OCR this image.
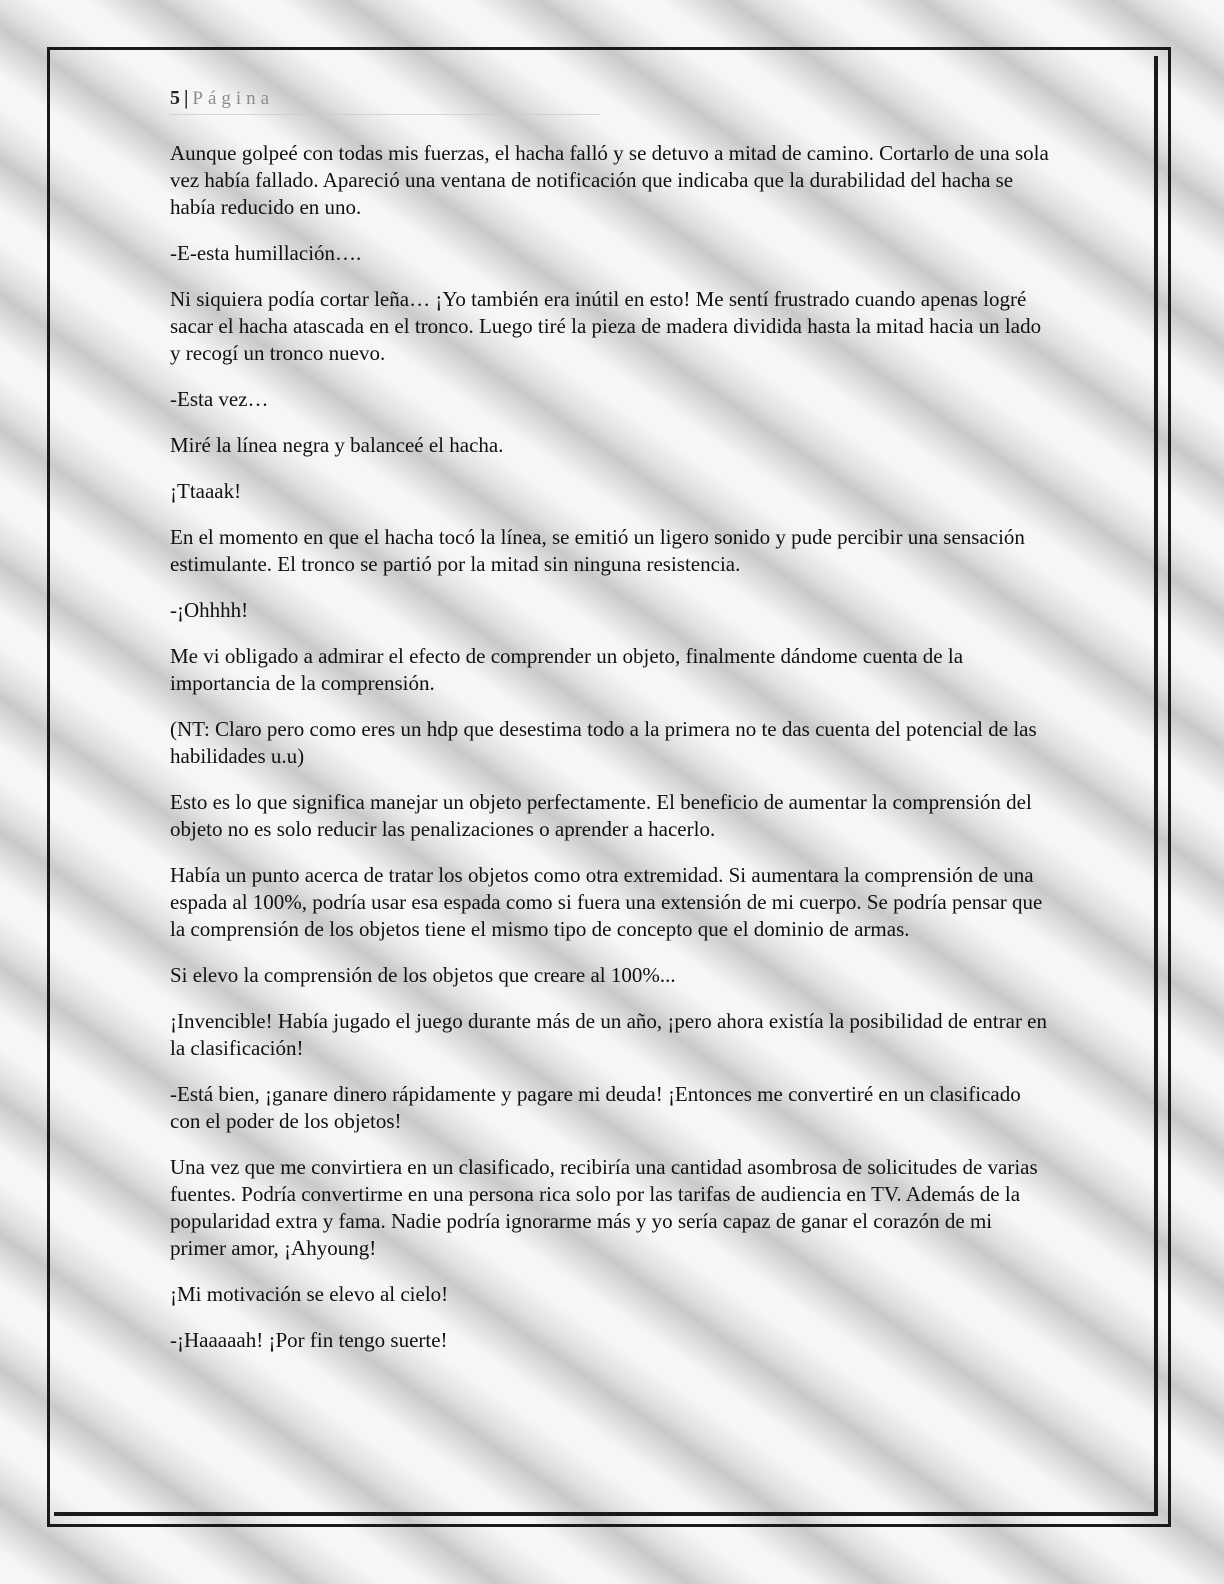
5 | Página

Aunque golpeé con todas mis fuerzas, el hacha falló y se detuvo a mitad de camino. Cortarlo de una sola vez había fallado. Apareció una ventana de notificación que indicaba que la durabilidad del hacha se había reducido en uno.

-E-esta humillación….

Ni siquiera podía cortar leña… ¡Yo también era inútil en esto! Me sentí frustrado cuando apenas logré sacar el hacha atascada en el tronco. Luego tiré la pieza de madera dividida hasta la mitad hacia un lado y recogí un tronco nuevo.

-Esta vez…

Miré la línea negra y balanceé el hacha.

¡Ttaaak!

En el momento en que el hacha tocó la línea, se emitió un ligero sonido y pude percibir una sensación estimulante. El tronco se partió por la mitad sin ninguna resistencia.

-¡Ohhhh!

Me vi obligado a admirar el efecto de comprender un objeto, finalmente dándome cuenta de la importancia de la comprensión.

(NT: Claro pero como eres un hdp que desestima todo a la primera no te das cuenta del potencial de las habilidades u.u)

Esto es lo que significa manejar un objeto perfectamente. El beneficio de aumentar la comprensión del objeto no es solo reducir las penalizaciones o aprender a hacerlo.

Había un punto acerca de tratar los objetos como otra extremidad. Si aumentara la comprensión de una espada al 100%, podría usar esa espada como si fuera una extensión de mi cuerpo. Se podría pensar que la comprensión de los objetos tiene el mismo tipo de concepto que el dominio de armas.

Si elevo la comprensión de los objetos que creare al 100%...

¡Invencible! Había jugado el juego durante más de un año, ¡pero ahora existía la posibilidad de entrar en la clasificación!

-Está bien, ¡ganare dinero rápidamente y pagare mi deuda! ¡Entonces me convertiré en un clasificado con el poder de los objetos!

Una vez que me convirtiera en un clasificado, recibiría una cantidad asombrosa de solicitudes de varias fuentes. Podría convertirme en una persona rica solo por las tarifas de audiencia en TV. Además de la popularidad extra y fama. Nadie podría ignorarme más y yo sería capaz de ganar el corazón de mi primer amor, ¡Ahyoung!

¡Mi motivación se elevo al cielo!

-¡Haaaaah! ¡Por fin tengo suerte!
